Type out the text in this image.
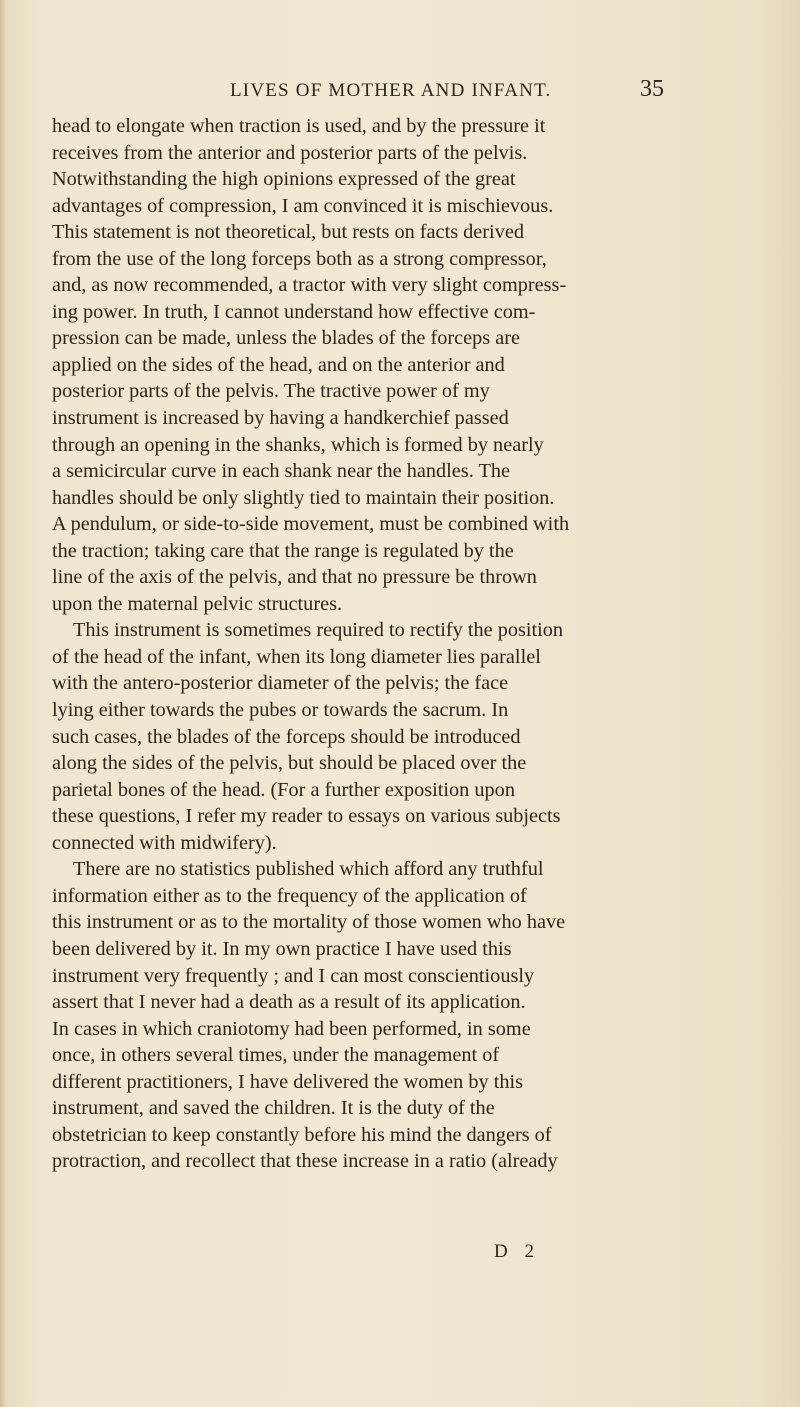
LIVES OF MOTHER AND INFANT.	35
head to elongate when traction is used, and by the pressure it
receives from the anterior and posterior parts of the pelvis.
Notwithstanding the high opinions expressed of the great
advantages of compression, I am convinced it is mischievous.
This statement is not theoretical, but rests on facts derived
from the use of the long forceps both as a strong compressor,
and, as now recommended, a tractor with very slight compress-
ing power. In truth, I cannot understand how effective com-
pression can be made, unless the blades of the forceps are
applied on the sides of the head, and on the anterior and
posterior parts of the pelvis. The tractive power of my
instrument is increased by having a handkerchief passed
through an opening in the shanks, which is formed by nearly
a semicircular curve in each shank near the handles. The
handles should be only slightly tied to maintain their position.
A pendulum, or side-to-side movement, must be combined with
the traction; taking care that the range is regulated by the
line of the axis of the pelvis, and that no pressure be thrown
upon the maternal pelvic structures.
This instrument is sometimes required to rectify the position
of the head of the infant, when its long diameter lies parallel
with the antero-posterior diameter of the pelvis; the face
lying either towards the pubes or towards the sacrum. In
such cases, the blades of the forceps should be introduced
along the sides of the pelvis, but should be placed over the
parietal bones of the head. (For a further exposition upon
these questions, I refer my reader to essays on various subjects
connected with midwifery).
There are no statistics published which afford any truthful
information either as to the frequency of the application of
this instrument or as to the mortality of those women who have
been delivered by it. In my own practice I have used this
instrument very frequently ; and I can most conscientiously
assert that I never had a death as a result of its application.
In cases in which craniotomy had been performed, in some
once, in others several times, under the management of
different practitioners, I have delivered the women by this
instrument, and saved the children. It is the duty of the
obstetrician to keep constantly before his mind the dangers of
protraction, and recollect that these increase in a ratio (already
D 2
